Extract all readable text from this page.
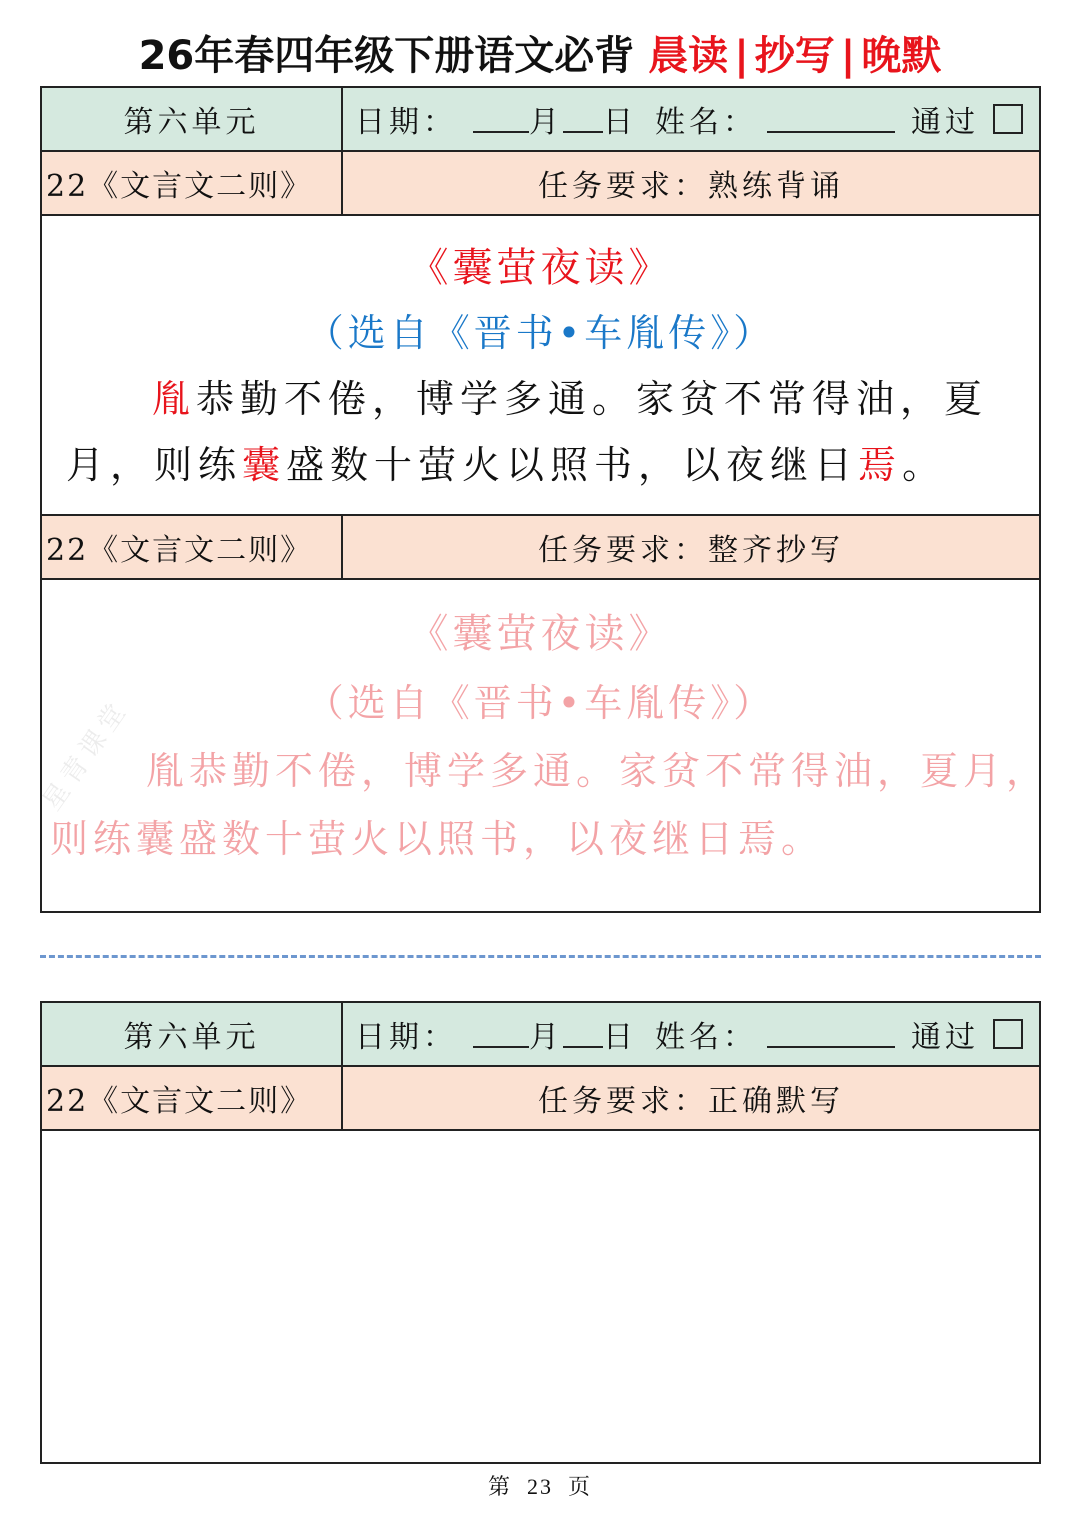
26年春四年级下册语文必背 晨读 | 抄写 | 晚默
第六单元	日期： 月 日 姓名：	通过
22《文言文二则》	任务要求：熟练背诵
《囊萤夜读》
（选自《晋书•车胤传》）
胤恭勤不倦，博学多通。家贫不常得油，夏
月，则练囊盛数十萤火以照书，以夜继日焉。
22《文言文二则》	任务要求：整齐抄写
《囊萤夜读》
（选自《晋书•车胤传》）
胤恭勤不倦，博学多通。家贫不常得油，夏月，
则练囊盛数十萤火以照书，以夜继日焉。
星青课堂
第六单元	日期： 月 日 姓名：	通过
22《文言文二则》	任务要求：正确默写
第 23 页
